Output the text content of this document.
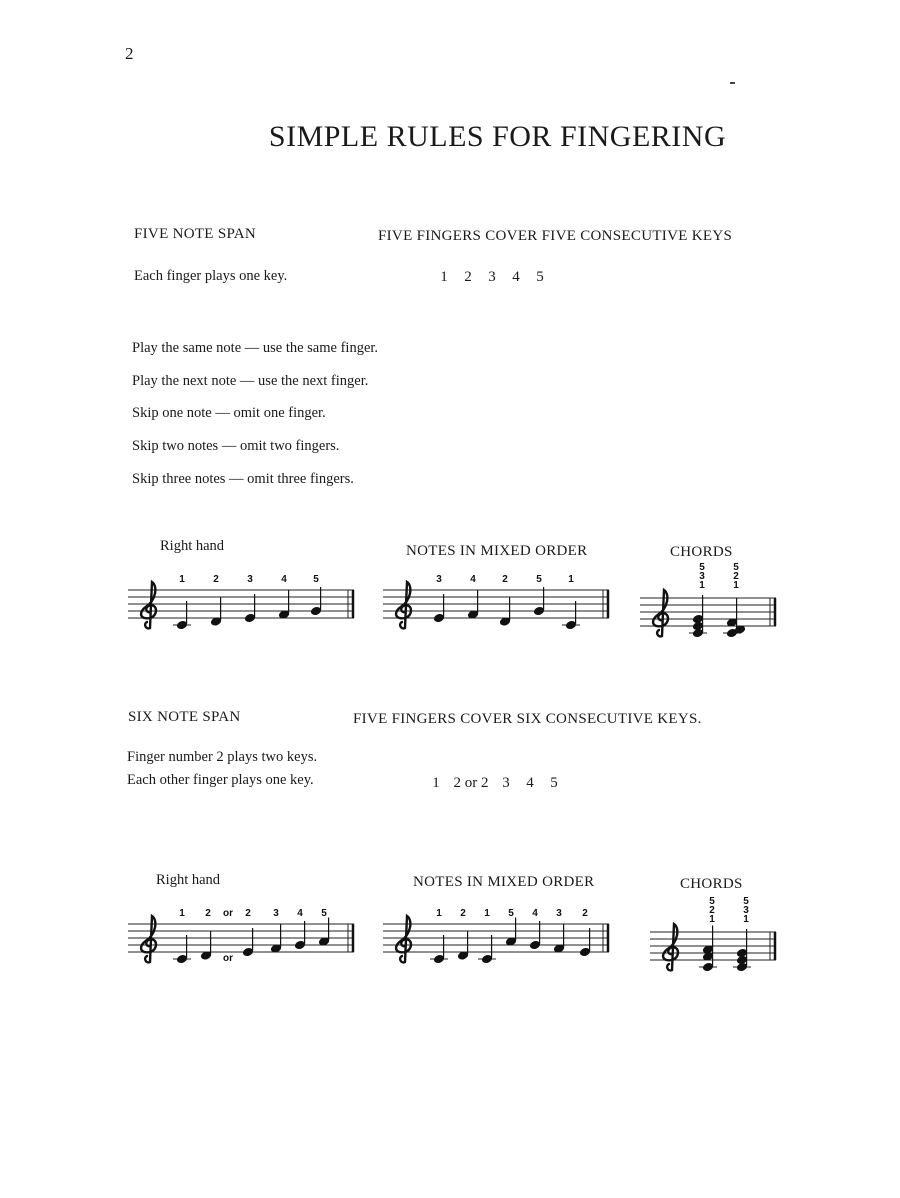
2
SIMPLE RULES FOR FINGERING
FIVE NOTE SPAN	FIVE FINGERS COVER FIVE CONSECUTIVE KEYS
Each finger plays one key.	1 2 3 4 5
Play the same note — use the same finger.
Play the next note — use the next finger.
Skip one note — omit one finger.
Skip two notes — omit two fingers.
Skip three notes — omit three fingers.
Right hand	NOTES IN MIXED ORDER	CHORDS
1	2	3	4	5	3	4	2	5	1
5
3
1
5
2
1
SIX NOTE SPAN	FIVE FINGERS COVER SIX CONSECUTIVE KEYS.
Finger number 2 plays two keys.
Each other finger plays one key.	1 2 or 2 3 4 5
Right hand	NOTES IN MIXED ORDER	CHORDS
1 2 or 2 3 4 5
or
1 2 1 5 4 3 2
5
2
1
5
3
1
